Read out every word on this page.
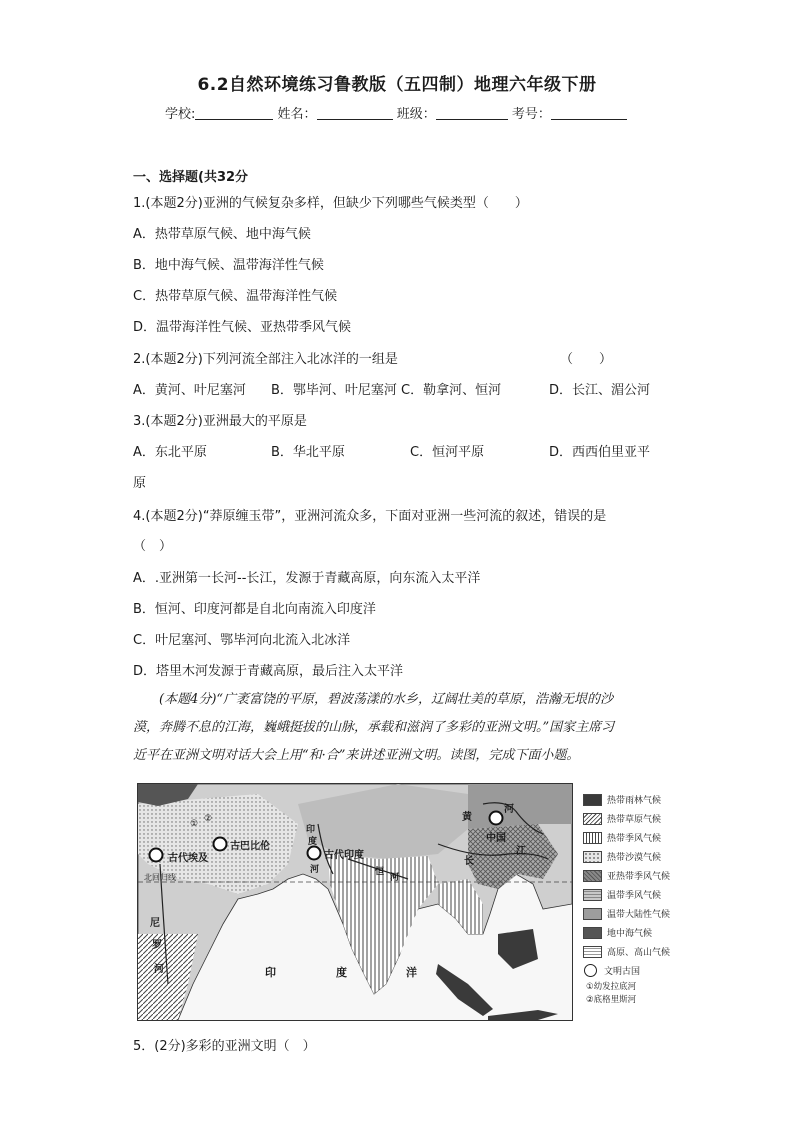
6.2自然环境练习鲁教版（五四制）地理六年级下册
学校:	姓名：	班级：	考号：
一、选择题(共32分
1.(本题2分)亚洲的气候复杂多样，但缺少下列哪些气候类型（　　）
A．热带草原气候、地中海气候
B．地中海气候、温带海洋性气候
C．热带草原气候、温带海洋性气候
D．温带海洋性气候、亚热带季风气候
2.(本题2分)下列河流全部注入北冰洋的一组是	（　　）
A．黄河、叶尼塞河 B．鄂毕河、叶尼塞河 C．勒拿河、恒河	D．长江、湄公河
3.(本题2分)亚洲最大的平原是
A．东北平原	B．华北平原	C．恒河平原	D．西西伯里亚平
原
4.(本题2分)“莽原缠玉带”，亚洲河流众多，下面对亚洲一些河流的叙述，错误的是
（　）
A．.亚洲第一长河--长江，发源于青藏高原，向东流入太平洋
B．恒河、印度河都是自北向南流入印度洋
C．叶尼塞河、鄂毕河向北流入北冰洋
D．塔里木河发源于青藏高原，最后注入太平洋
　　(本题4分)“广袤富饶的平原，碧波荡漾的水乡，辽阔壮美的草原，浩瀚无垠的沙
漠，奔腾不息的江海，巍峨挺拔的山脉，承载和滋润了多彩的亚洲文明。”国家主席习
近平在亚洲文明对话大会上用“和·合”来讲述亚洲文明。读图，完成下面小题。
古代埃及
古巴比伦
古代印度
中国
北回归线
尼
罗
河	印	度	洋
黄
河
长
江
恒
河
印
度
河
① ②
热带雨林气候
热带草原气候
热带季风气候
热带沙漠气候
亚热带季风气候
温带季风气候
温带大陆性气候
地中海气候
高原、高山气候
文明古国
①幼发拉底河
②底格里斯河
5．(2分)多彩的亚洲文明（　）
